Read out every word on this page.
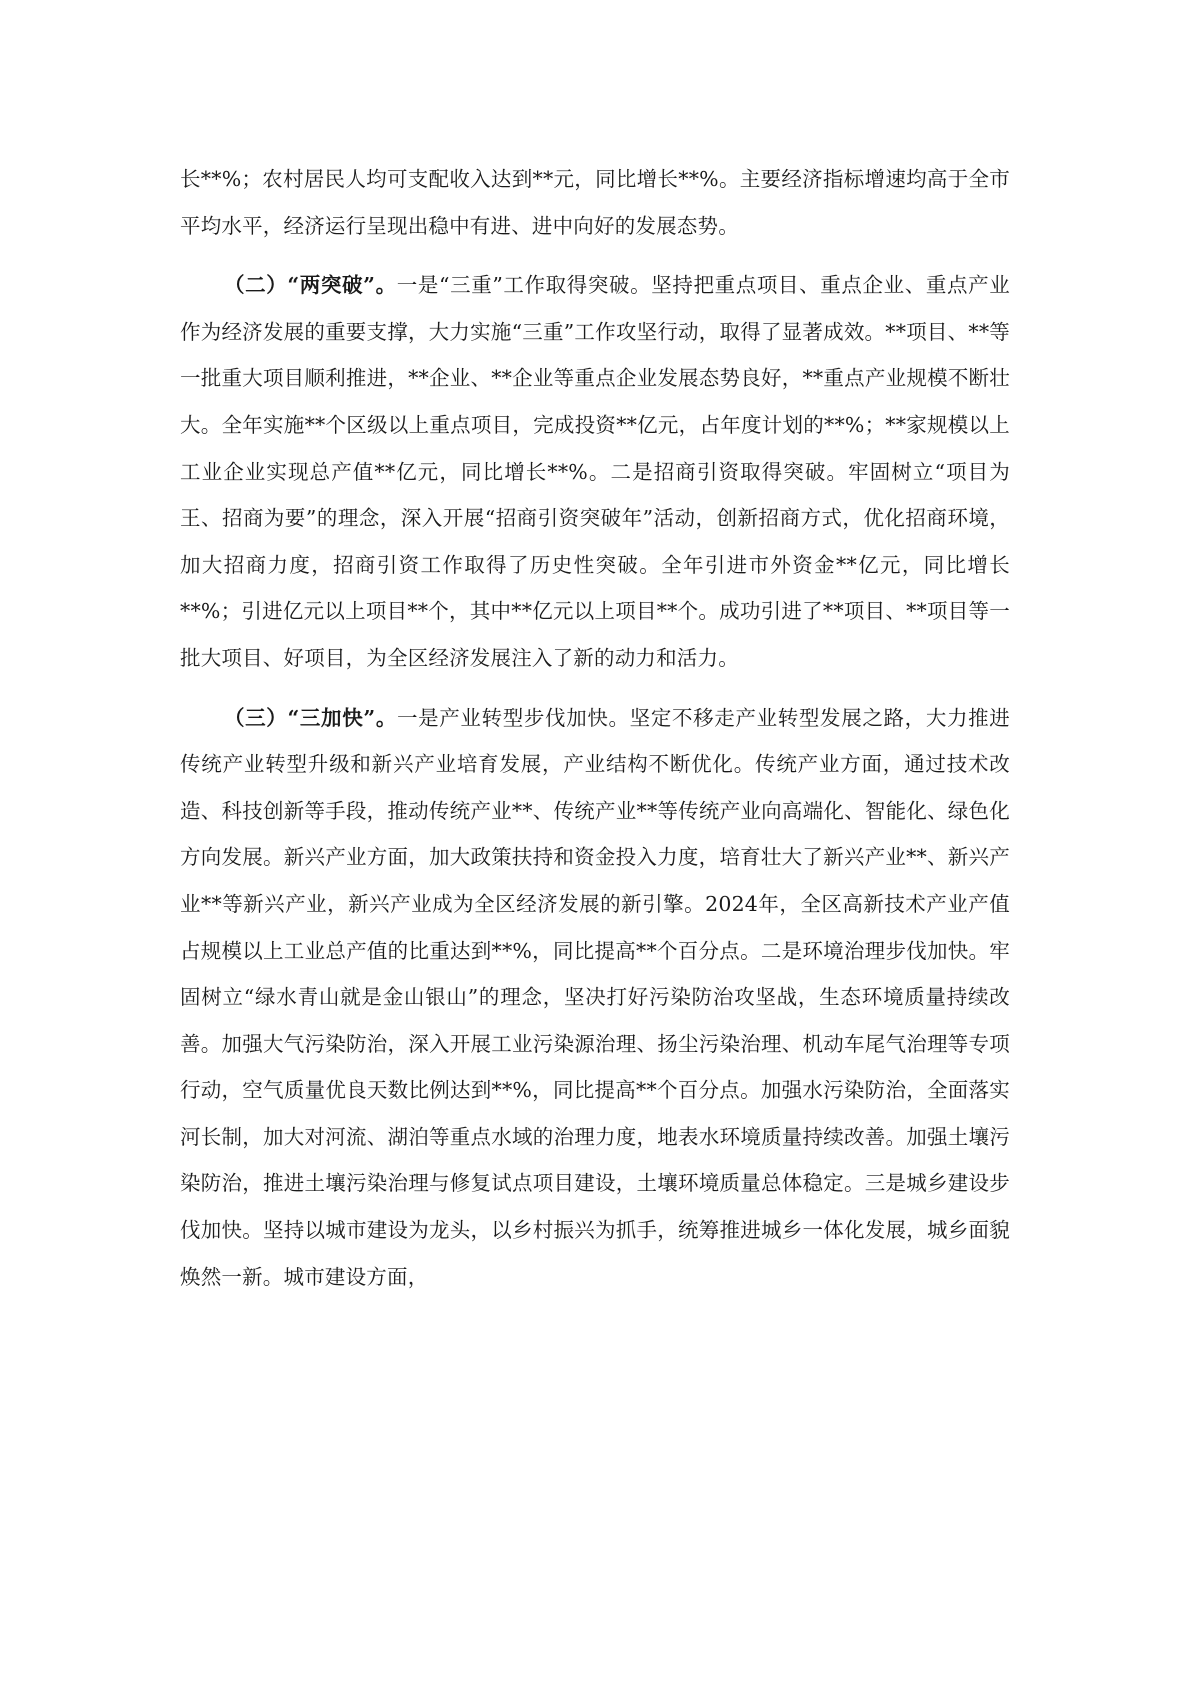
长**%；农村居民人均可支配收入达到**元，同比增长**%。主要经济指标增速均高于全市平均水平，经济运行呈现出稳中有进、进中向好的发展态势。

（二）“两突破”。一是“三重”工作取得突破。坚持把重点项目、重点企业、重点产业作为经济发展的重要支撑，大力实施“三重”工作攻坚行动，取得了显著成效。**项目、**等一批重大项目顺利推进，**企业、**企业等重点企业发展态势良好，**重点产业规模不断壮大。全年实施**个区级以上重点项目，完成投资**亿元，占年度计划的**%；**家规模以上工业企业实现总产值**亿元，同比增长**%。二是招商引资取得突破。牢固树立“项目为王、招商为要”的理念，深入开展“招商引资突破年”活动，创新招商方式，优化招商环境，加大招商力度，招商引资工作取得了历史性突破。全年引进市外资金**亿元，同比增长**%；引进亿元以上项目**个，其中**亿元以上项目**个。成功引进了**项目、**项目等一批大项目、好项目，为全区经济发展注入了新的动力和活力。

（三）“三加快”。一是产业转型步伐加快。坚定不移走产业转型发展之路，大力推进传统产业转型升级和新兴产业培育发展，产业结构不断优化。传统产业方面，通过技术改造、科技创新等手段，推动传统产业**、传统产业**等传统产业向高端化、智能化、绿色化方向发展。新兴产业方面，加大政策扶持和资金投入力度，培育壮大了新兴产业**、新兴产业**等新兴产业，新兴产业成为全区经济发展的新引擎。2024年，全区高新技术产业产值占规模以上工业总产值的比重达到**%，同比提高**个百分点。二是环境治理步伐加快。牢固树立“绿水青山就是金山银山”的理念，坚决打好污染防治攻坚战，生态环境质量持续改善。加强大气污染防治，深入开展工业污染源治理、扬尘污染治理、机动车尾气治理等专项行动，空气质量优良天数比例达到**%，同比提高**个百分点。加强水污染防治，全面落实河长制，加大对河流、湖泊等重点水域的治理力度，地表水环境质量持续改善。加强土壤污染防治，推进土壤污染治理与修复试点项目建设，土壤环境质量总体稳定。三是城乡建设步伐加快。坚持以城市建设为龙头，以乡村振兴为抓手，统筹推进城乡一体化发展，城乡面貌焕然一新。城市建设方面，
